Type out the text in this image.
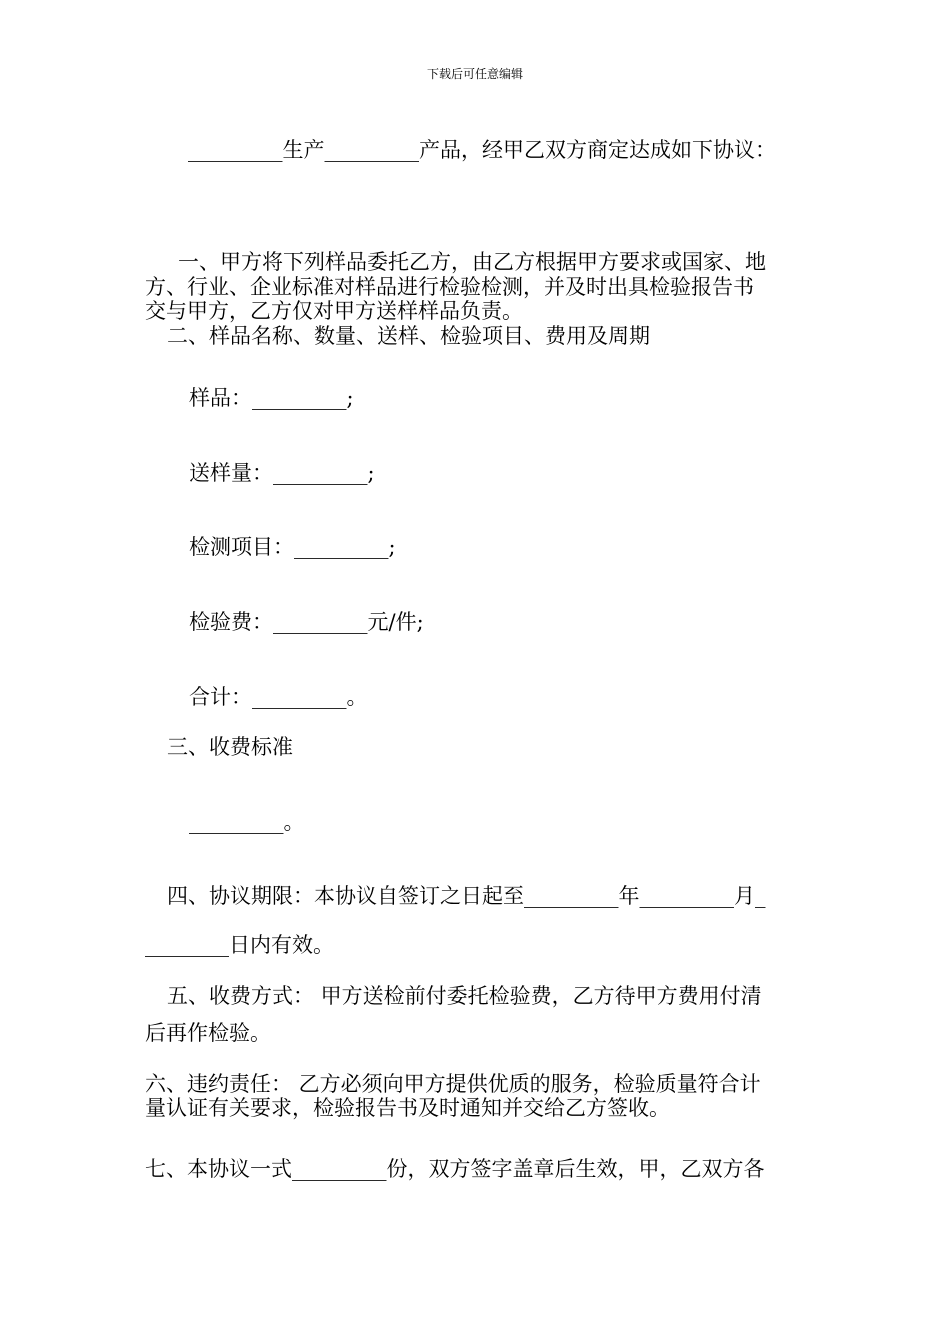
下载后可任意编辑
_________生产_________产品，经甲乙双方商定达成如下协议：
一、甲方将下列样品委托乙方，由乙方根据甲方要求或国家、地
方、行业、企业标准对样品进行检验检测，并及时出具检验报告书
交与甲方，乙方仅对甲方送样样品负责。
二、样品名称、数量、送样、检验项目、费用及周期
样品：_________;
送样量：_________;
检测项目：_________;
检验费：_________元/件;
合计：_________。
三、收费标准
_________。
四、协议期限：本协议自签订之日起至_________年_________月_
________日内有效。
五、收费方式： 甲方送检前付委托检验费，乙方待甲方费用付清
后再作检验。
六、违约责任： 乙方必须向甲方提供优质的服务，检验质量符合计
量认证有关要求，检验报告书及时通知并交给乙方签收。
七、本协议一式_________份，双方签字盖章后生效，甲，乙双方各
